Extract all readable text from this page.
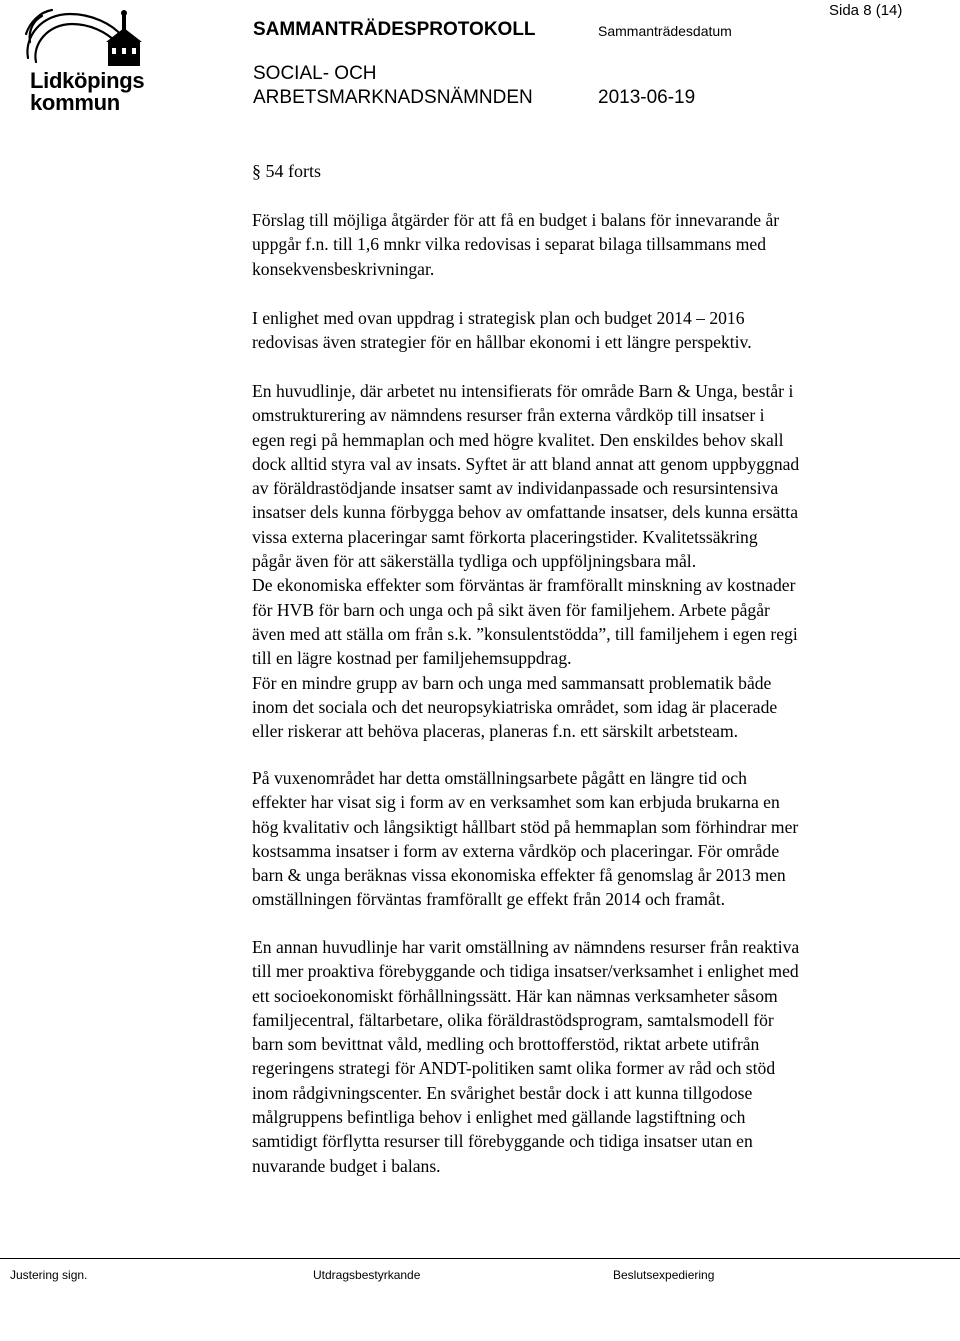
Lidköpings
kommun
SAMMANTRÄDESPROTOKOLL	Sammanträdesdatum
Sida 8 (14)
SOCIAL- OCH
ARBETSMARKNADSNÄMNDEN	2013-06-19
§ 54 forts
Förslag till möjliga åtgärder för att få en budget i balans för innevarande år
uppgår f.n. till 1,6 mnkr vilka redovisas i separat bilaga tillsammans med
konsekvensbeskrivningar.
I enlighet med ovan uppdrag i strategisk plan och budget 2014 – 2016
redovisas även strategier för en hållbar ekonomi i ett längre perspektiv.
En huvudlinje, där arbetet nu intensifierats för område Barn & Unga, består i
omstrukturering av nämndens resurser från externa vårdköp till insatser i
egen regi på hemmaplan och med högre kvalitet. Den enskildes behov skall
dock alltid styra val av insats. Syftet är att bland annat att genom uppbyggnad
av föräldrastödjande insatser samt av individanpassade och resursintensiva
insatser dels kunna förbygga behov av omfattande insatser, dels kunna ersätta
vissa externa placeringar samt förkorta placeringstider. Kvalitetssäkring
pågår även för att säkerställa tydliga och uppföljningsbara mål.
De ekonomiska effekter som förväntas är framförallt minskning av kostnader
för HVB för barn och unga och på sikt även för familjehem. Arbete pågår
även med att ställa om från s.k. ”konsulentstödda”, till familjehem i egen regi
till en lägre kostnad per familjehemsuppdrag.
För en mindre grupp av barn och unga med sammansatt problematik både
inom det sociala och det neuropsykiatriska området, som idag är placerade
eller riskerar att behöva placeras, planeras f.n. ett särskilt arbetsteam.
På vuxenområdet har detta omställningsarbete pågått en längre tid och
effekter har visat sig i form av en verksamhet som kan erbjuda brukarna en
hög kvalitativ och långsiktigt hållbart stöd på hemmaplan som förhindrar mer
kostsamma insatser i form av externa vårdköp och placeringar. För område
barn & unga beräknas vissa ekonomiska effekter få genomslag år 2013 men
omställningen förväntas framförallt ge effekt från 2014 och framåt.
En annan huvudlinje har varit omställning av nämndens resurser från reaktiva
till mer proaktiva förebyggande och tidiga insatser/verksamhet i enlighet med
ett socioekonomiskt förhållningssätt. Här kan nämnas verksamheter såsom
familjecentral, fältarbetare, olika föräldrastödsprogram, samtalsmodell för
barn som bevittnat våld, medling och brottofferstöd, riktat arbete utifrån
regeringens strategi för ANDT-politiken samt olika former av råd och stöd
inom rådgivningscenter. En svårighet består dock i att kunna tillgodose
målgruppens befintliga behov i enlighet med gällande lagstiftning och
samtidigt förflytta resurser till förebyggande och tidiga insatser utan en
nuvarande budget i balans.
Justering sign.	Utdragsbestyrkande	Beslutsexpediering
